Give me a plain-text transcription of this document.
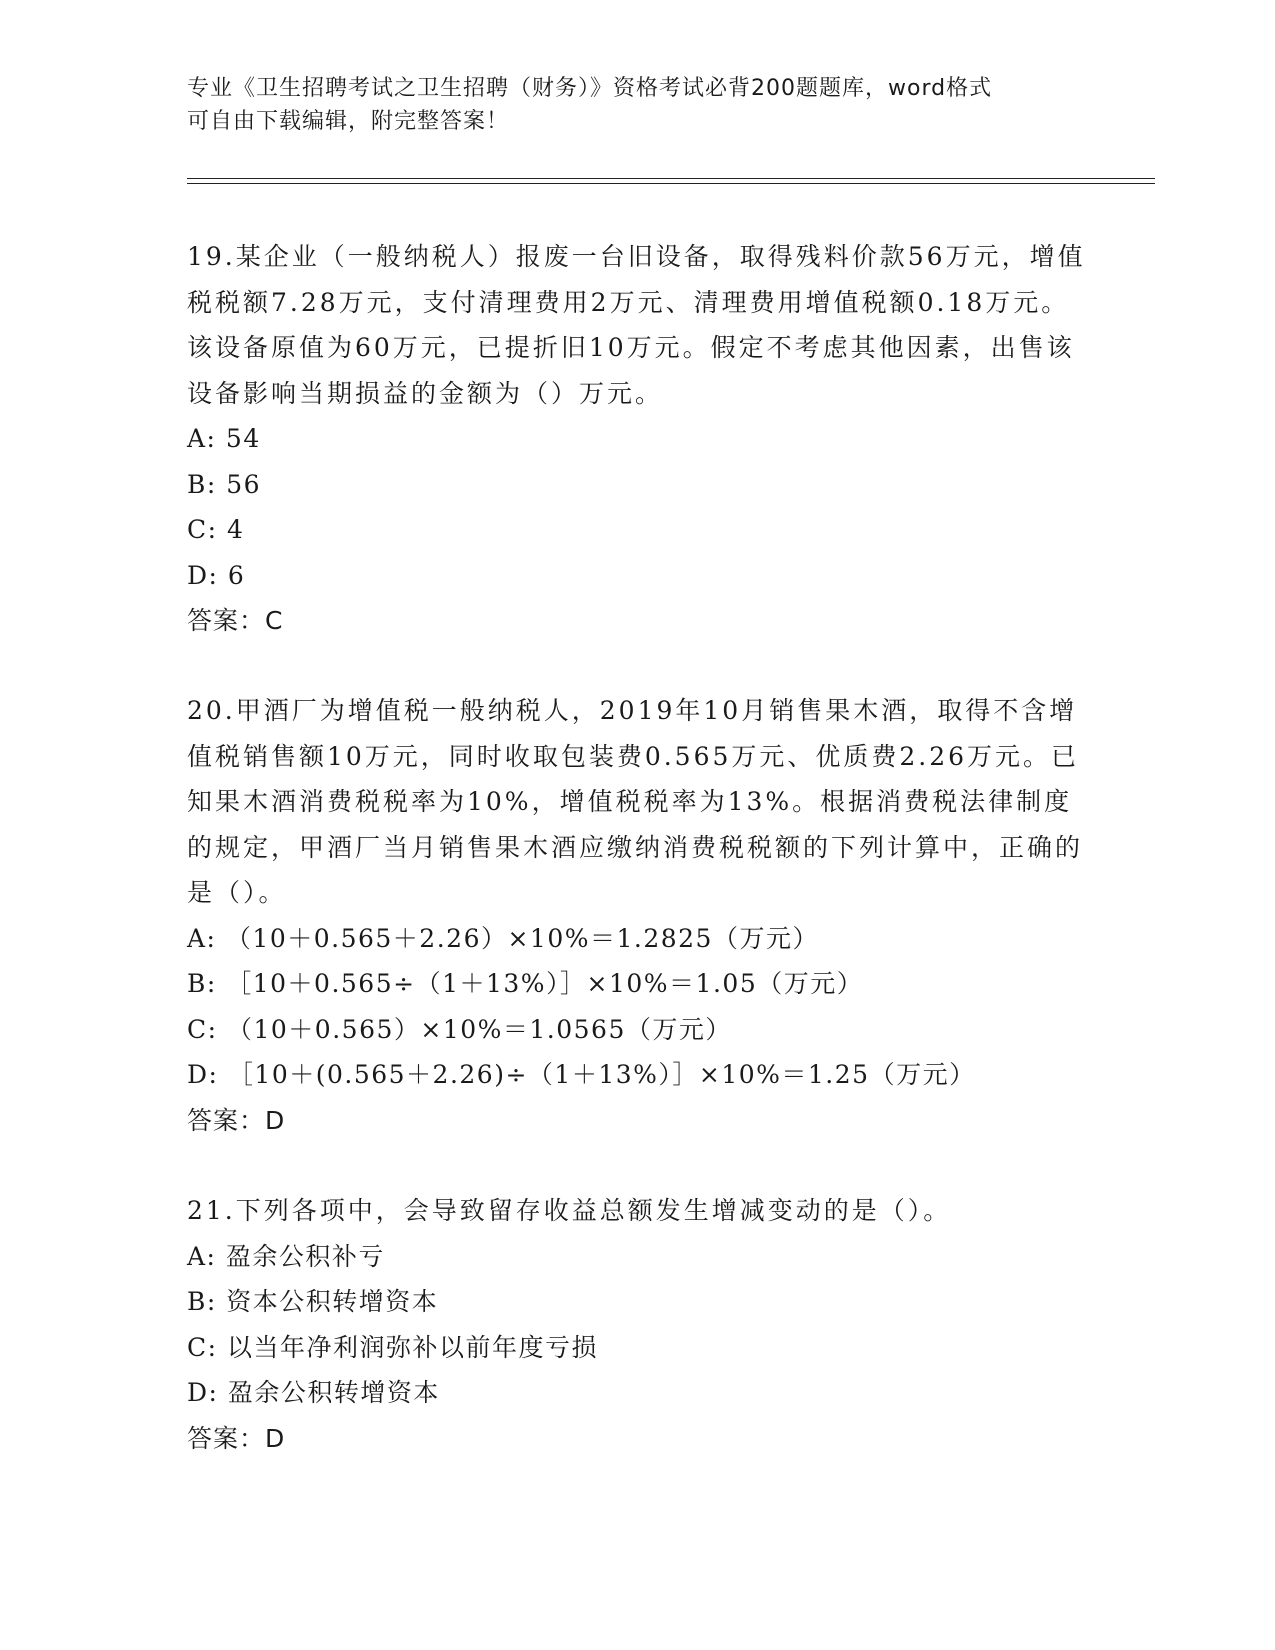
专业《卫生招聘考试之卫生招聘（财务）》资格考试必背200题题库，word格式
可自由下载编辑，附完整答案！
19.某企业（一般纳税人）报废一台旧设备，取得残料价款56万元，增值税税额7.28万元，支付清理费用2万元、清理费用增值税额0.18万元。该设备原值为60万元，已提折旧10万元。假定不考虑其他因素，出售该设备影响当期损益的金额为（）万元。
A: 54
B: 56
C: 4
D: 6
答案：C
20.甲酒厂为增值税一般纳税人，2019年10月销售果木酒，取得不含增值税销售额10万元，同时收取包装费0.565万元、优质费2.26万元。已知果木酒消费税税率为10%，增值税税率为13%。根据消费税法律制度的规定，甲酒厂当月销售果木酒应缴纳消费税税额的下列计算中，正确的是（）。
A: （10＋0.565＋2.26）×10%＝1.2825（万元）
B: ［10＋0.565÷（1＋13%）］×10%＝1.05（万元）
C: （10＋0.565）×10%＝1.0565（万元）
D: ［10＋(0.565＋2.26)÷（1＋13%）］×10%＝1.25（万元）
答案：D
21.下列各项中，会导致留存收益总额发生增减变动的是（）。
A: 盈余公积补亏
B: 资本公积转增资本
C: 以当年净利润弥补以前年度亏损
D: 盈余公积转增资本
答案：D
